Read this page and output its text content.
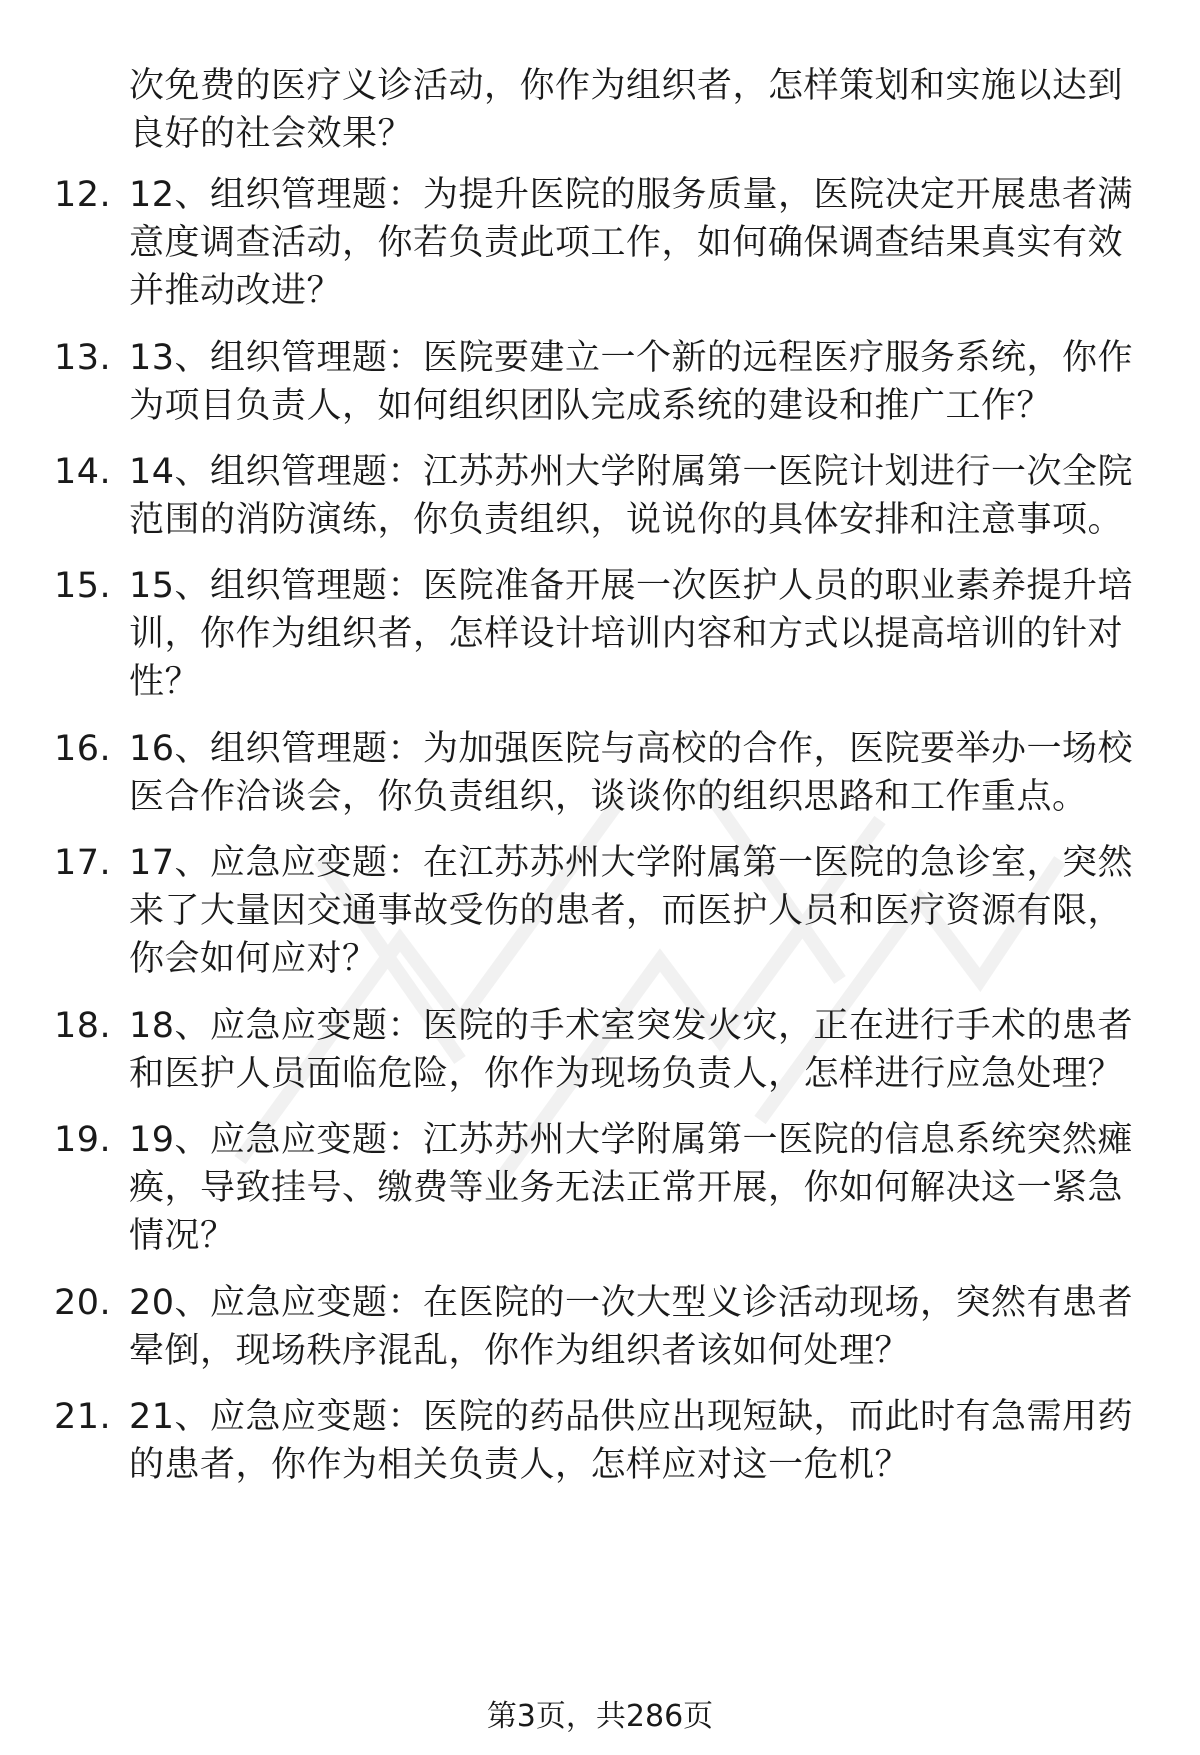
次免费的医疗义诊活动，你作为组织者，怎样策划和实施以达到良好的社会效果？

12. 12、组织管理题：为提升医院的服务质量，医院决定开展患者满意度调查活动，你若负责此项工作，如何确保调查结果真实有效并推动改进？
13. 13、组织管理题：医院要建立一个新的远程医疗服务系统，你作为项目负责人，如何组织团队完成系统的建设和推广工作？
14. 14、组织管理题：江苏苏州大学附属第一医院计划进行一次全院范围的消防演练，你负责组织，说说你的具体安排和注意事项。
15. 15、组织管理题：医院准备开展一次医护人员的职业素养提升培训，你作为组织者，怎样设计培训内容和方式以提高培训的针对性？
16. 16、组织管理题：为加强医院与高校的合作，医院要举办一场校医合作洽谈会，你负责组织，谈谈你的组织思路和工作重点。
17. 17、应急应变题：在江苏苏州大学附属第一医院的急诊室，突然来了大量因交通事故受伤的患者，而医护人员和医疗资源有限，你会如何应对？
18. 18、应急应变题：医院的手术室突发火灾，正在进行手术的患者和医护人员面临危险，你作为现场负责人，怎样进行应急处理？
19. 19、应急应变题：江苏苏州大学附属第一医院的信息系统突然瘫痪，导致挂号、缴费等业务无法正常开展，你如何解决这一紧急情况？
20. 20、应急应变题：在医院的一次大型义诊活动现场，突然有患者晕倒，现场秩序混乱，你作为组织者该如何处理？
21. 21、应急应变题：医院的药品供应出现短缺，而此时有急需用药的患者，你作为相关负责人，怎样应对这一危机？
第3页，共286页
